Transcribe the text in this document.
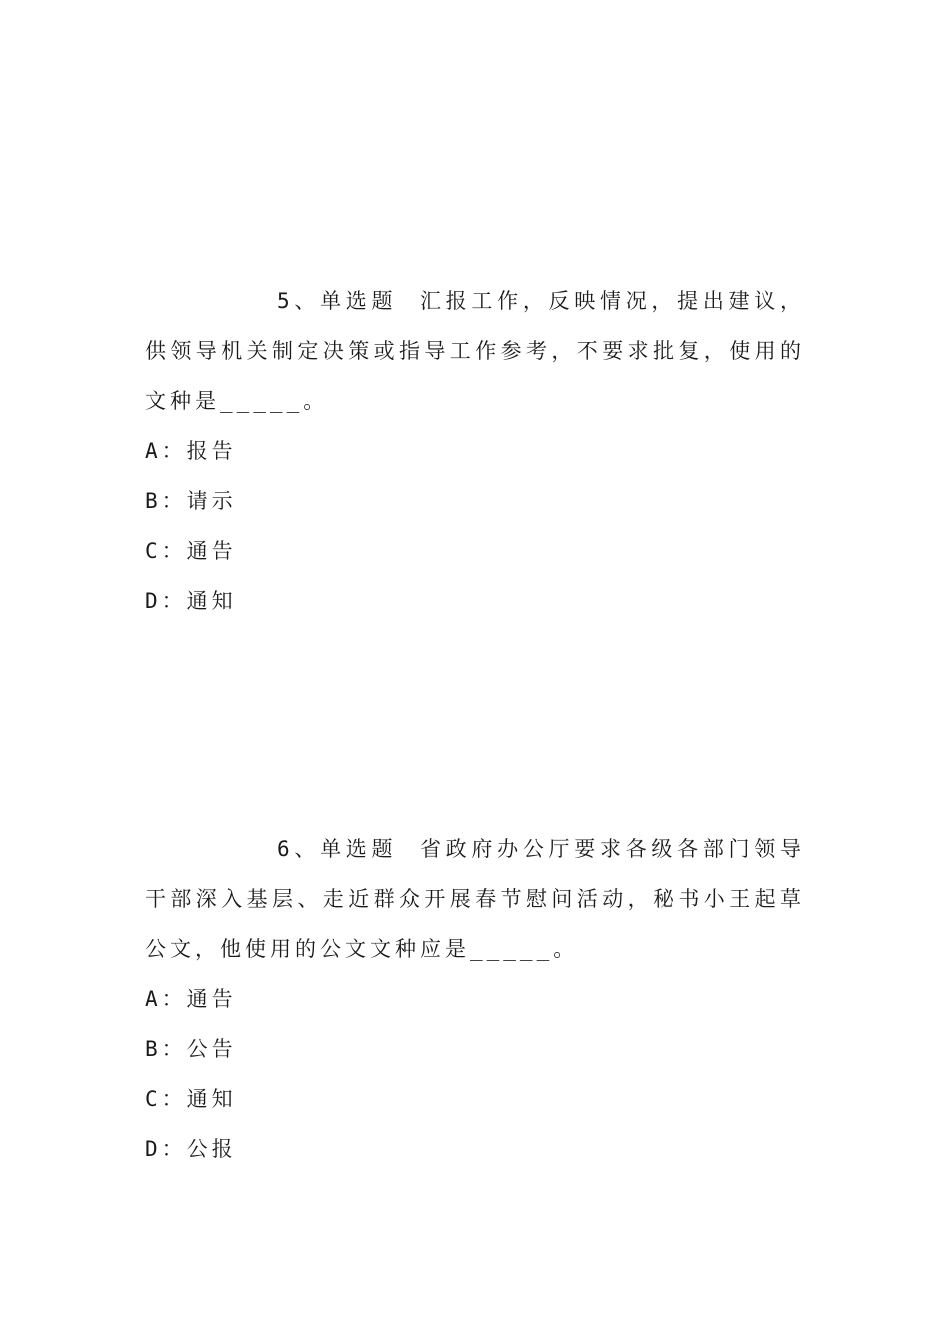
5、单选题 汇报工作，反映情况，提出建议，供领导机关制定决策或指导工作参考，不要求批复，使用的文种是_____。

A：报告

B：请示

C：通告

D：通知

6、单选题 省政府办公厅要求各级各部门领导干部深入基层、走近群众开展春节慰问活动，秘书小王起草公文，他使用的公文文种应是_____。

A：通告

B：公告

C：通知

D：公报
